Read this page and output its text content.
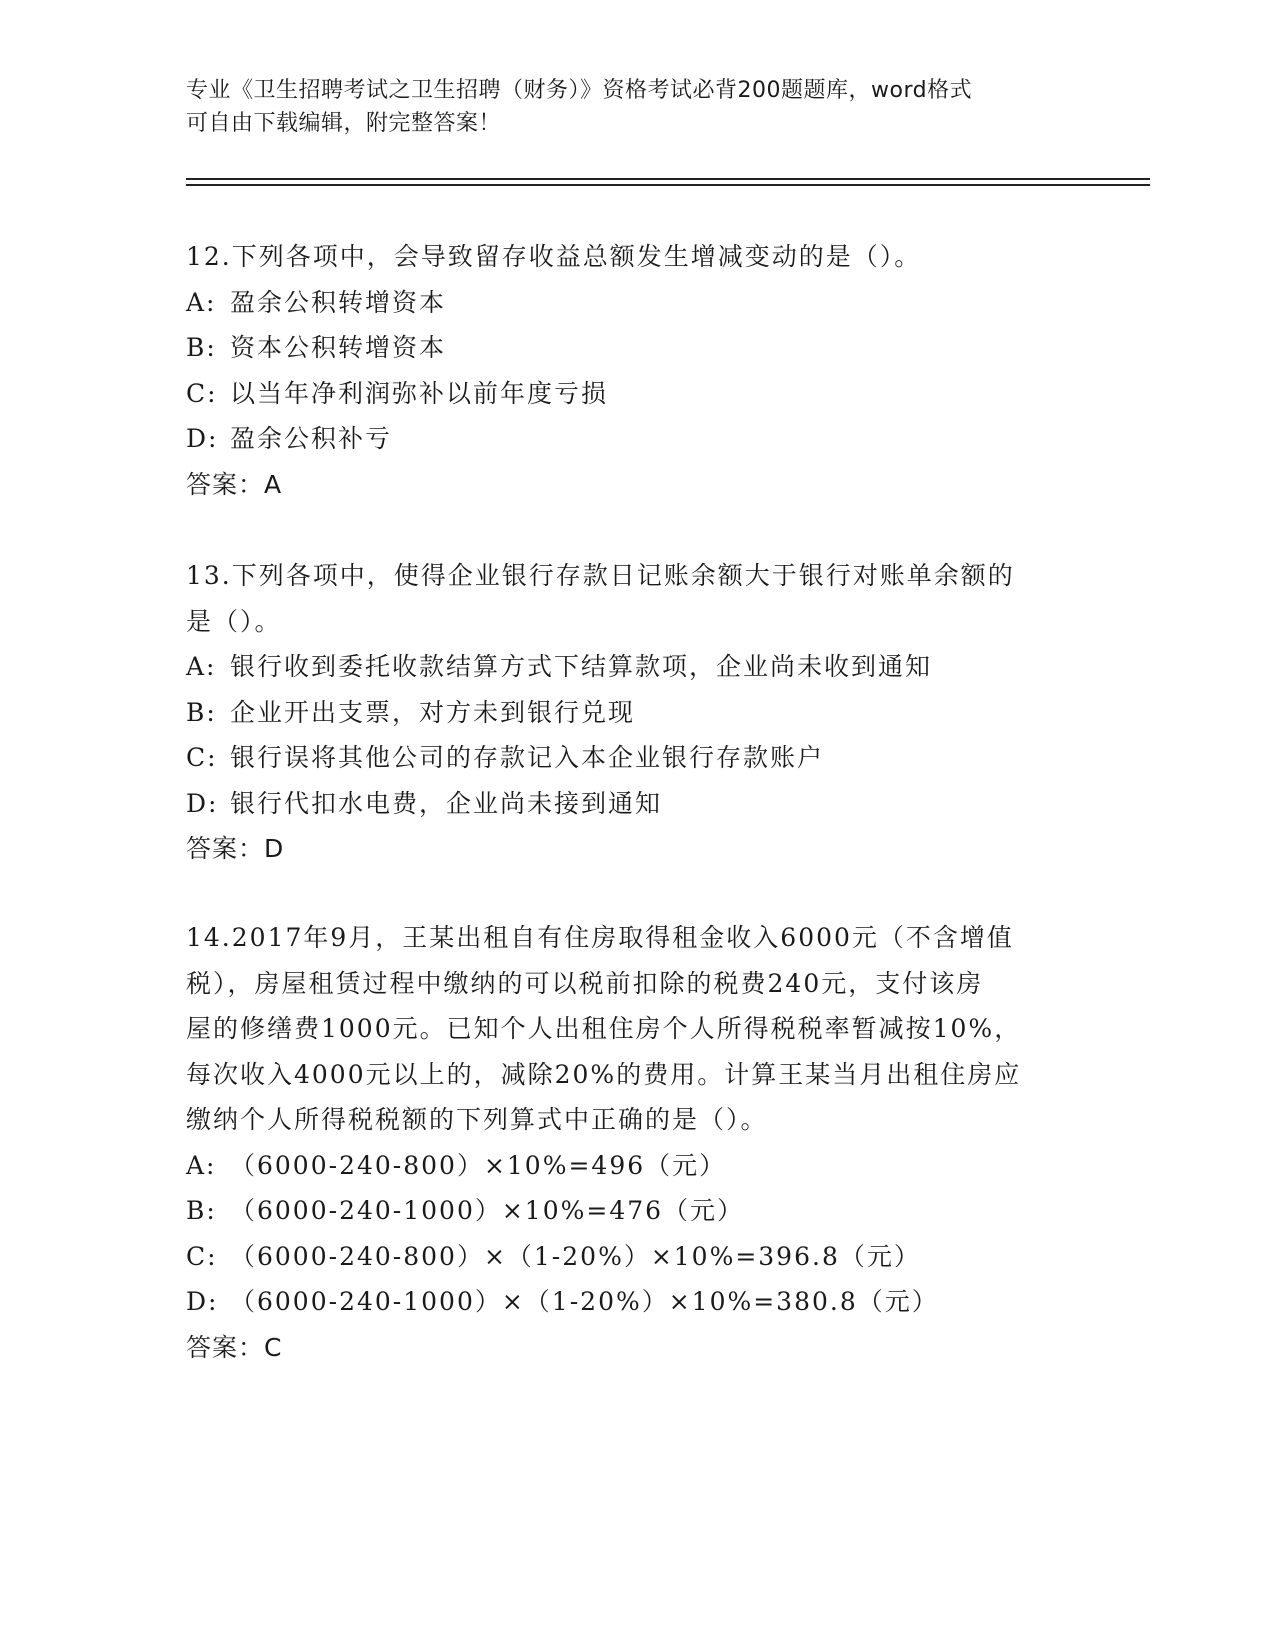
专业《卫生招聘考试之卫生招聘（财务）》资格考试必背200题题库，word格式
可自由下载编辑，附完整答案！
12.下列各项中，会导致留存收益总额发生增减变动的是（）。
A: 盈余公积转增资本
B: 资本公积转增资本
C: 以当年净利润弥补以前年度亏损
D: 盈余公积补亏
答案：A
13.下列各项中，使得企业银行存款日记账余额大于银行对账单余额的
是（）。
A: 银行收到委托收款结算方式下结算款项，企业尚未收到通知
B: 企业开出支票，对方未到银行兑现
C: 银行误将其他公司的存款记入本企业银行存款账户
D: 银行代扣水电费，企业尚未接到通知
答案：D
14.2017年9月，王某出租自有住房取得租金收入6000元（不含增值
税），房屋租赁过程中缴纳的可以税前扣除的税费240元，支付该房
屋的修缮费1000元。已知个人出租住房个人所得税税率暂减按10%，
每次收入4000元以上的，减除20%的费用。计算王某当月出租住房应
缴纳个人所得税税额的下列算式中正确的是（）。
A: （6000-240-800）×10%=496（元）
B: （6000-240-1000）×10%=476（元）
C: （6000-240-800）×（1-20%）×10%=396.8（元）
D: （6000-240-1000）×（1-20%）×10%=380.8（元）
答案：C
